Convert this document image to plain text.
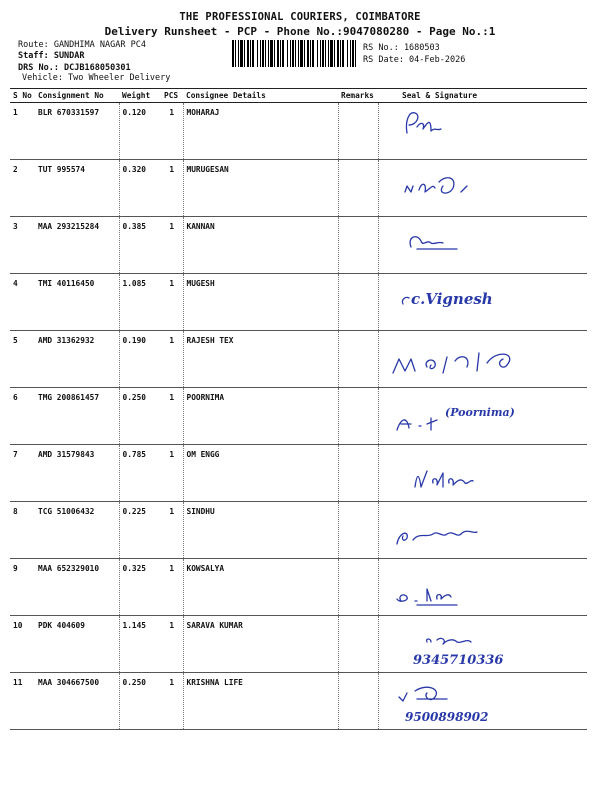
THE PROFESSIONAL COURIERS, COIMBATORE
Delivery Runsheet - PCP - Phone No.:9047080280 - Page No.:1
Route: GANDHIMA NAGAR PC4
Staff: SUNDAR
DRS No.: DCJB168050301
Vehicle: Two Wheeler Delivery
RS No.: 1680503
RS Date: 04-Feb-2026
S No	Consignment No	Weight	PCS	Consignee Details	Remarks	Seal & Signature
1	BLR 670331597	0.120	1	MOHARAJ		

2	TUT 995574	0.320	1	MURUGESAN		

3	MAA 293215284	0.385	1	KANNAN		

4	TMI 40116450	1.085	1	MUGESH		c.Vignesh

5	AMD 31362932	0.190	1	RAJESH TEX		

6	TMG 200861457	0.250	1	POORNIMA		(Poornima)

7	AMD 31579843	0.785	1	OM ENGG		

8	TCG 51006432	0.225	1	SINDHU		

9	MAA 652329010	0.325	1	KOWSALYA		

10	PDK 404609	1.145	1	SARAVA KUMAR		9345710336

11	MAA 304667500	0.250	1	KRISHNA LIFE		9500898902
